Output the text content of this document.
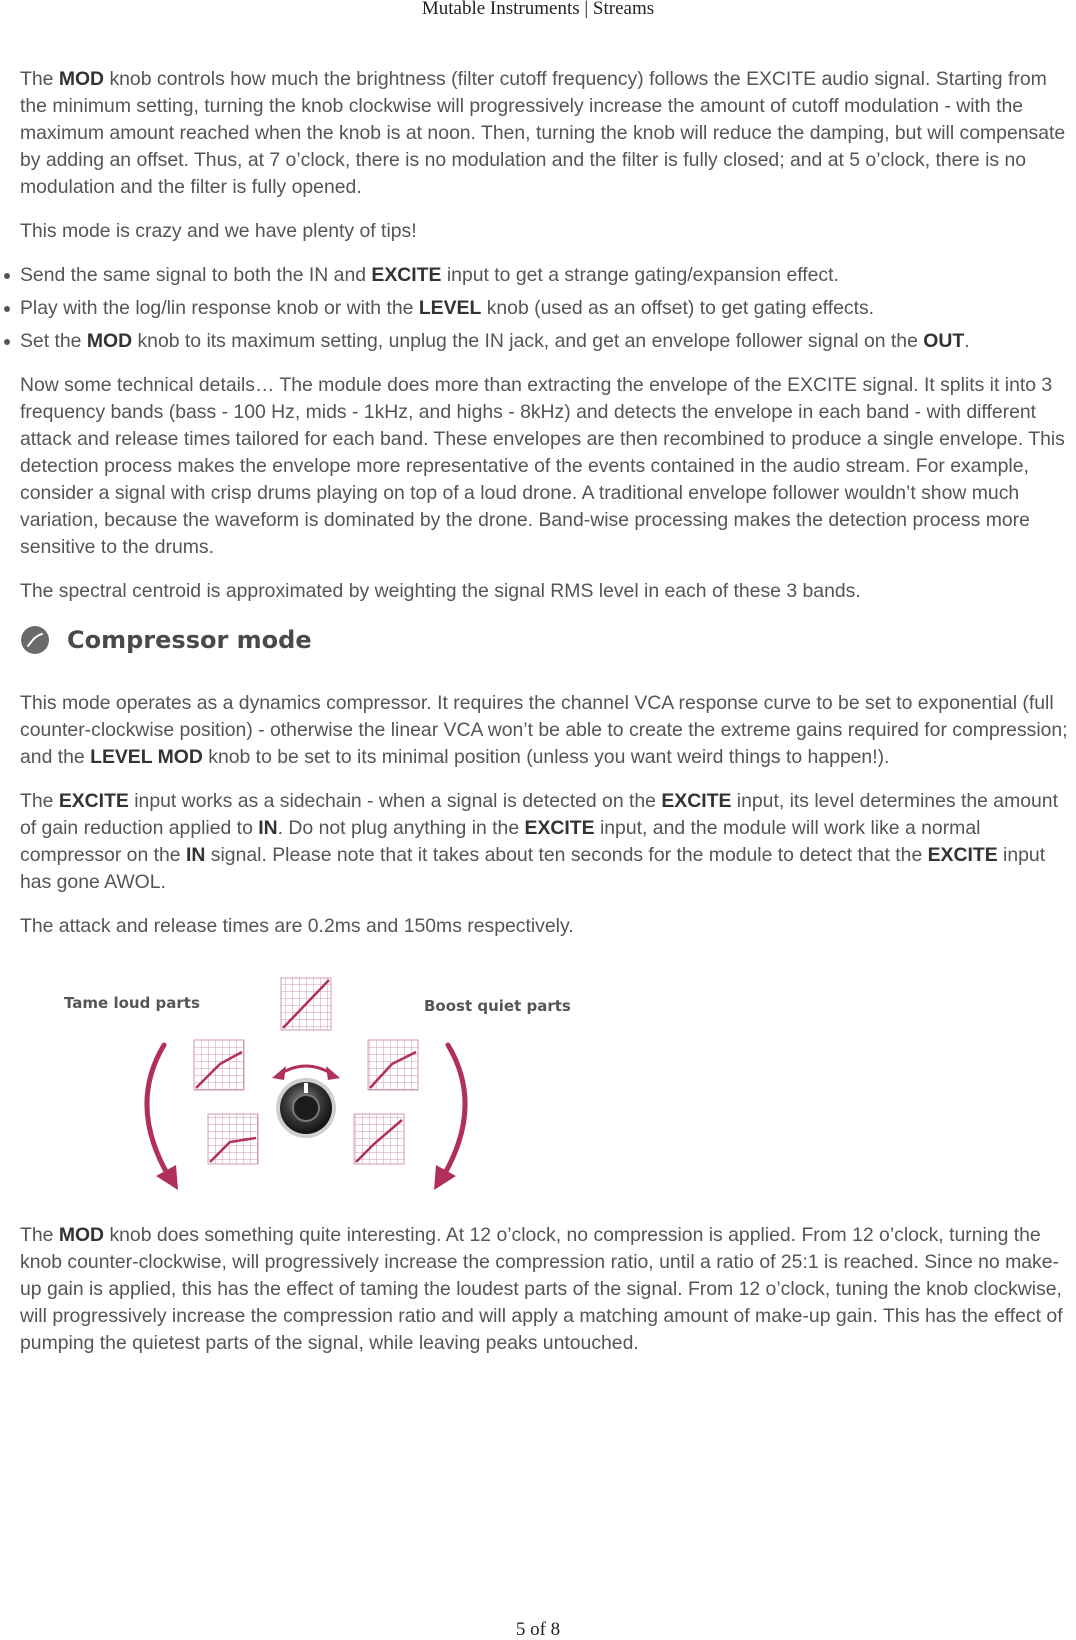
Mutable Instruments | Streams

The MOD knob controls how much the brightness (filter cutoff frequency) follows the EXCITE audio signal. Starting from the minimum setting, turning the knob clockwise will progressively increase the amount of cutoff modulation - with the maximum amount reached when the knob is at noon. Then, turning the knob will reduce the damping, but will compensate by adding an offset. Thus, at 7 o’clock, there is no modulation and the filter is fully closed; and at 5 o’clock, there is no modulation and the filter is fully opened.

This mode is crazy and we have plenty of tips!

Send the same signal to both the IN and EXCITE input to get a strange gating/expansion effect.
Play with the log/lin response knob or with the LEVEL knob (used as an offset) to get gating effects.
Set the MOD knob to its maximum setting, unplug the IN jack, and get an envelope follower signal on the OUT.

Now some technical details… The module does more than extracting the envelope of the EXCITE signal. It splits it into 3 frequency bands (bass - 100 Hz, mids - 1kHz, and highs - 8kHz) and detects the envelope in each band - with different attack and release times tailored for each band. These envelopes are then recombined to produce a single envelope. This detection process makes the envelope more representative of the events contained in the audio stream. For example, consider a signal with crisp drums playing on top of a loud drone. A traditional envelope follower wouldn’t show much variation, because the waveform is dominated by the drone. Band-wise processing makes the detection process more sensitive to the drums.

The spectral centroid is approximated by weighting the signal RMS level in each of these 3 bands.

Compressor mode

This mode operates as a dynamics compressor. It requires the channel VCA response curve to be set to exponential (full counter-clockwise position) - otherwise the linear VCA won’t be able to create the extreme gains required for compression; and the LEVEL MOD knob to be set to its minimal position (unless you want weird things to happen!).

The EXCITE input works as a sidechain - when a signal is detected on the EXCITE input, its level determines the amount of gain reduction applied to IN. Do not plug anything in the EXCITE input, and the module will work like a normal compressor on the IN signal. Please note that it takes about ten seconds for the module to detect that the EXCITE input has gone AWOL.

The attack and release times are 0.2ms and 150ms respectively.

Tame loud parts	Boost quiet parts

The MOD knob does something quite interesting. At 12 o’clock, no compression is applied. From 12 o’clock, turning the knob counter-clockwise, will progressively increase the compression ratio, until a ratio of 25:1 is reached. Since no make-up gain is applied, this has the effect of taming the loudest parts of the signal. From 12 o’clock, tuning the knob clockwise, will progressively increase the compression ratio and will apply a matching amount of make-up gain. This has the effect of pumping the quietest parts of the signal, while leaving peaks untouched.

5 of 8
